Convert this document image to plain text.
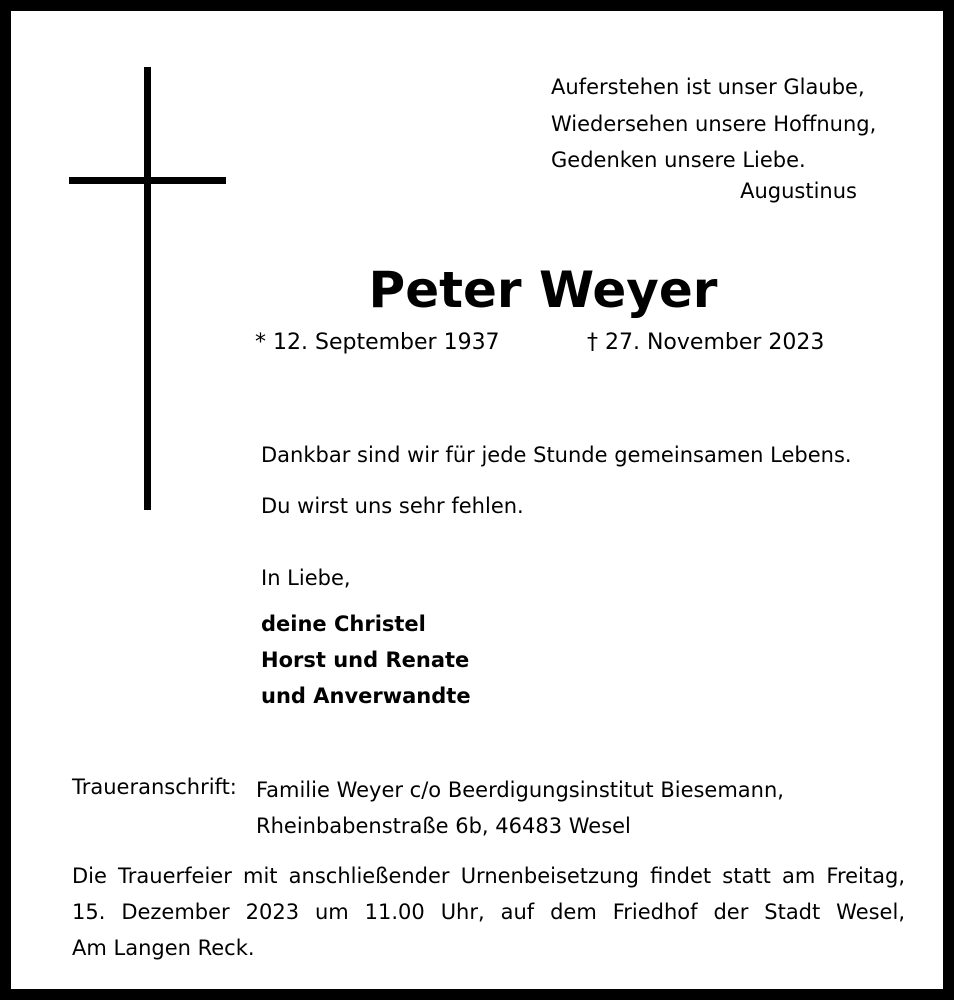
Auferstehen ist unser Glaube,
Wiedersehen unsere Hoffnung,
Gedenken unsere Liebe.
Augustinus
Peter Weyer
* 12. September 1937	† 27. November 2023
Dankbar sind wir für jede Stunde gemeinsamen Lebens.
Du wirst uns sehr fehlen.
In Liebe,
deine Christel
Horst und Renate
und Anverwandte
Traueranschrift: Familie Weyer c/o Beerdigungsinstitut Biesemann,
Rheinbabenstraße 6b, 46483 Wesel
Die Trauerfeier mit anschließender Urnenbeisetzung findet statt am Freitag,
15. Dezember 2023 um 11.00 Uhr, auf dem Friedhof der Stadt Wesel,
Am Langen Reck.
